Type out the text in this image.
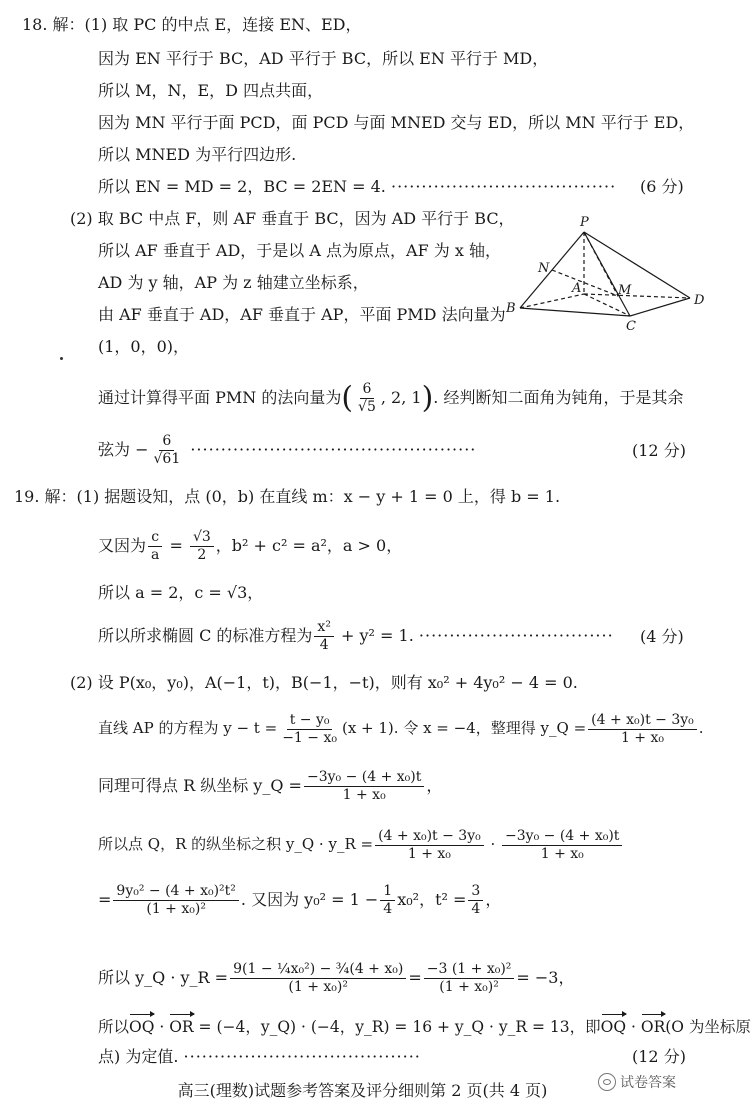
18. 解：(1) 取 PC 的中点 E，连接 EN、ED，
因为 EN 平行于 BC，AD 平行于 BC，所以 EN 平行于 MD，
所以 M，N，E，D 四点共面，
因为 MN 平行于面 PCD，面 PCD 与面 MNED 交与 ED，所以 MN 平行于 ED，
所以 MNED 为平行四边形.
所以 EN = MD = 2，BC = 2EN = 4. ····································· (6 分)
(2) 取 BC 中点 F，则 AF 垂直于 BC，因为 AD 平行于 BC，
所以 AF 垂直于 AD，于是以 A 点为原点，AF 为 x 轴，
AD 为 y 轴，AP 为 z 轴建立坐标系，
由 AF 垂直于 AD，AF 垂直于 AP，平面 PMD 法向量为
(1，0，0)，
P
N
A	M
B
C
D
通过计算得平面 PMN 的法向量为( $\frac{6}{√5}$ , 2, 1). 经判断知二面角为钝角，于是其余
弦为 − $\frac{6}{√61}$ ···············································	(12 分)
19. 解：(1) 据题设知，点 (0，b) 在直线 m：x − y + 1 = 0 上，得 b = 1.
又因为 $\frac{c}{a} = \frac{√3}{2}$ ，b² + c² = a²，a > 0，
所以 a = 2，c = √3，
所以所求椭圆 C 的标准方程为 $\frac{\text{x²}}{4} + y^2 = 1$. ································ (4 分)
(2) 设 P(x₀，y₀)，A(−1，t)，B(−1，−t)，则有 x₀² + 4y₀² − 4 = 0.
直线 AP 的方程为 $y - t = \frac{\text{t − y₀}}{\text{−1 − x₀}} (x + 1)$. 令 x = −4，整理得 y_Q = $\frac{\text{(4 + x₀)t − 3y₀}}{\text{1 + x₀}}$ .
同理可得点 R 纵坐标 y_Q = $\frac{\text{−3y₀ − (4 + x₀)t}}{\text{1 + x₀}}$ ，
所以点 Q，R 的纵坐标之积 y_Q · y_R = $\frac{\text{(4 + x₀)t − 3y₀}}{\text{1 + x₀}} \cdot \frac{\text{−3y₀ − (4 + x₀)t}}{\text{1 + x₀}}$
= $\frac{\text{9y₀² − (4 + x₀)²t²}}{\text{(1 + x₀)²}}$ . 又因为 $y_0^2 = 1 - \frac{1}{4} x_0^2$，$t^2 = \frac{3}{4}$ ，
所以 y_Q · y_R = $\frac{\text{9(1 − ¼x₀²) − ¾(4 + x₀)}}{\text{(1 + x₀)²}} = \frac{\text{−3 (1 + x₀)²}}{\text{(1 + x₀)²}} = -3$，
所以OQ · OR = (−4，y_Q) · (−4，y_R) = 16 + y_Q · y_R = 13，即OQ · OR(O 为坐标原
点) 为定值. ·······································	(12 分)
高三(理数)试题参考答案及评分细则第 2 页(共 4 页)	试卷答案
